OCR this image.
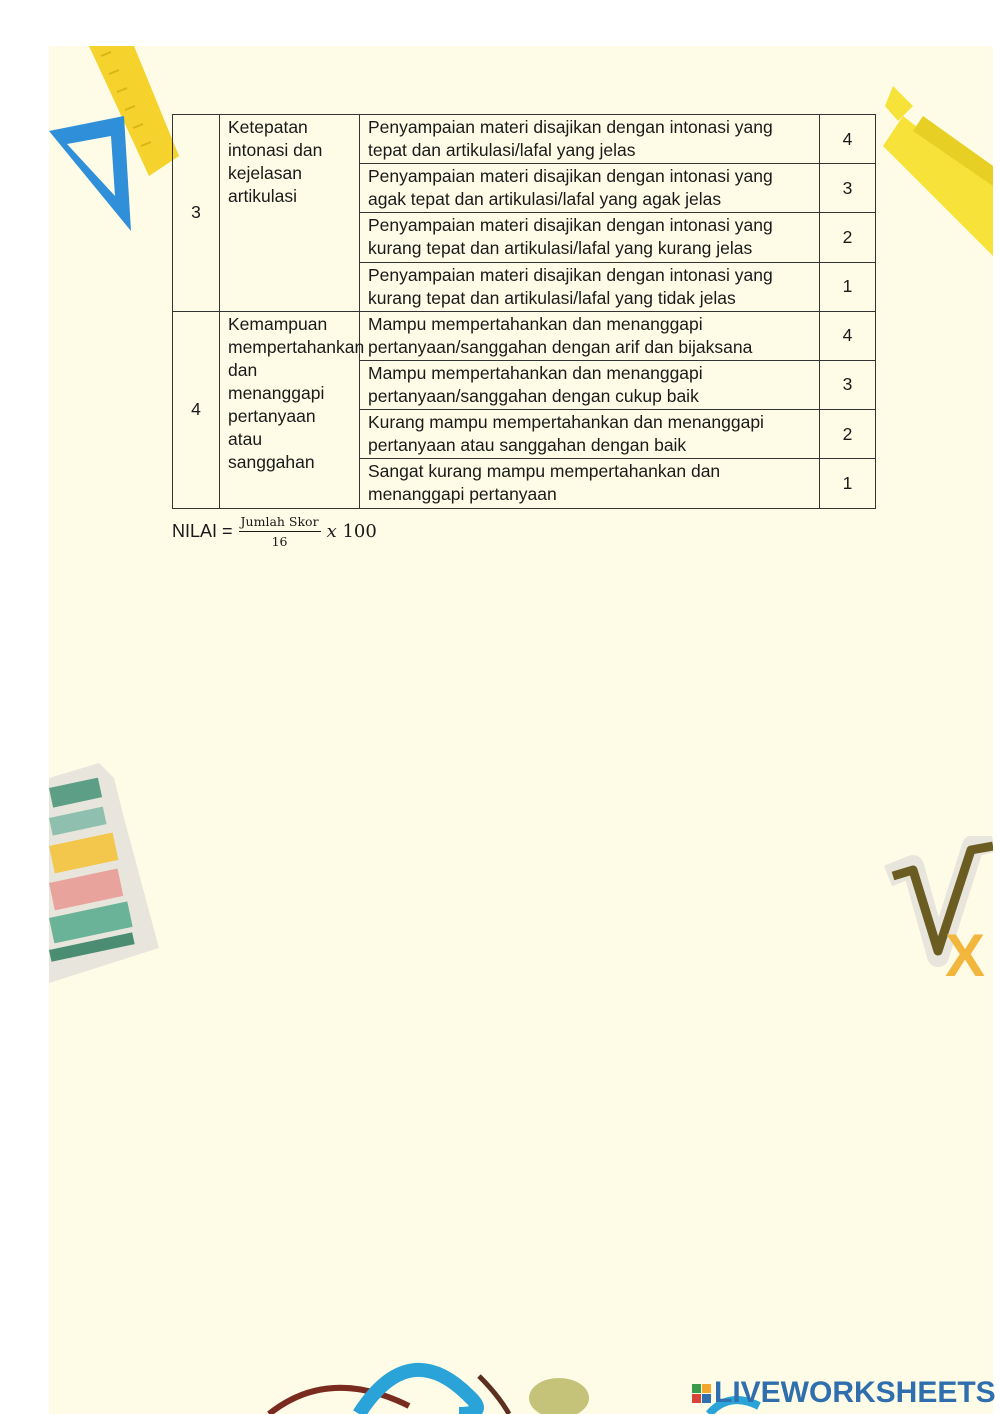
X
3	Ketepatan intonasi dan kejelasan artikulasi	Penyampaian materi disajikan dengan intonasi yang tepat dan artikulasi/lafal yang jelas	4
		Penyampaian materi disajikan dengan intonasi yang agak tepat dan artikulasi/lafal yang agak jelas	3
		Penyampaian materi disajikan dengan intonasi yang kurang tepat dan artikulasi/lafal yang kurang jelas	2
		Penyampaian materi disajikan dengan intonasi yang kurang tepat dan artikulasi/lafal yang tidak jelas	1
4	Kemampuan mempertahankan dan menanggapi pertanyaan atau sanggahan	Mampu mempertahankan dan menanggapi pertanyaan/sanggahan dengan arif dan bijaksana	4
		Mampu mempertahankan dan menanggapi pertanyaan/sanggahan dengan cukup baik	3
		Kurang mampu mempertahankan dan menanggapi pertanyaan atau sanggahan dengan baik	2
		Sangat kurang mampu mempertahankan dan menanggapi pertanyaan	1
NILAI = $\frac{\text{Jumlah Skor}}{16}$ x 100
LIVEWORKSHEETS
